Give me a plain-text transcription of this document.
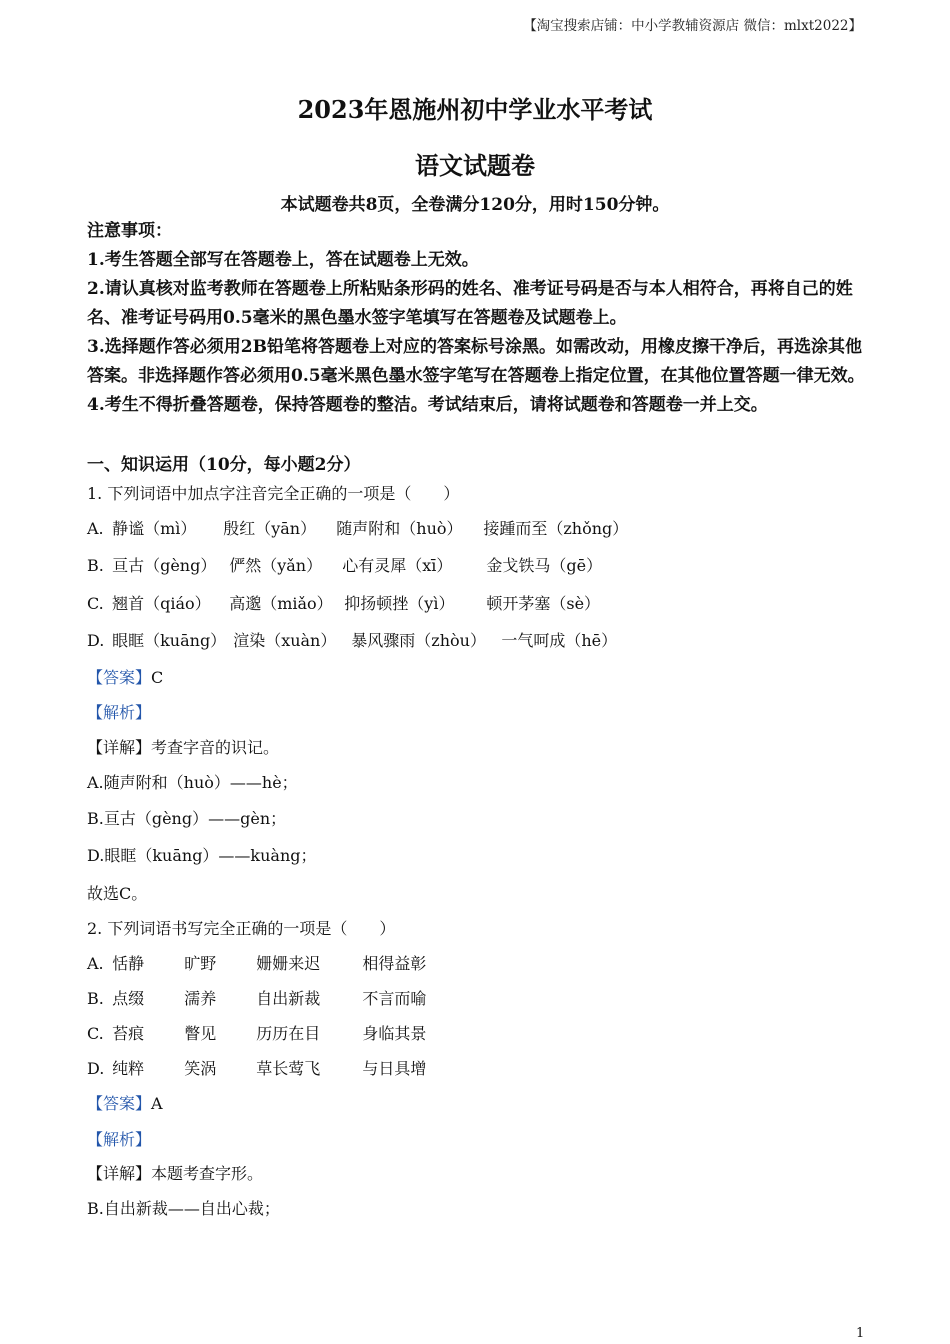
【淘宝搜索店铺：中小学教辅资源店 微信：mlxt2022】
2023年恩施州初中学业水平考试
语文试题卷
本试题卷共8页，全卷满分120分，用时150分钟。

注意事项：

1.考生答题全部写在答题卷上，答在试题卷上无效。

2.请认真核对监考教师在答题卷上所粘贴条形码的姓名、准考证号码是否与本人相符合，再将自己的姓名、准考证号码用0.5毫米的黑色墨水签字笔填写在答题卷及试题卷上。

3.选择题作答必须用2B铅笔将答题卷上对应的答案标号涂黑。如需改动，用橡皮擦干净后，再选涂其他答案。非选择题作答必须用0.5毫米黑色墨水签字笔写在答题卷上指定位置，在其他位置答题一律无效。

4.考生不得折叠答题卷，保持答题卷的整洁。考试结束后，请将试题卷和答题卷一并上交。

一、知识运用（10分，每小题2分）
1. 下列词语中加点字注音完全正确的一项是（　　）
A. 静谧（mì） 殷红（yān） 随声附和（huò） 接踵而至（zhǒng）
B. 亘古（gèng） 俨然（yǎn） 心有灵犀（xī） 金戈铁马（gē）
C. 翘首（qiáo） 高邈（miǎo） 抑扬顿挫（yì） 顿开茅塞（sè）
D. 眼眶（kuāng） 渲染（xuàn） 暴风骤雨（zhòu） 一气呵成（hē）
【答案】C
【解析】
【详解】考查字音的识记。
A.随声附和（huò）——hè；
B.亘古（gèng）——gèn；
D.眼眶（kuāng）——kuàng；
故选C。
2. 下列词语书写完全正确的一项是（　　）
A. 恬静	旷野	姗姗来迟	相得益彰
B. 点缀	濡养	自出新裁	不言而喻
C. 苔痕	瞥见	历历在目	身临其景
D. 纯粹	笑涡	草长莺飞	与日具增
【答案】A
【解析】
【详解】本题考查字形。
B.自出新裁——自出心裁；
1
